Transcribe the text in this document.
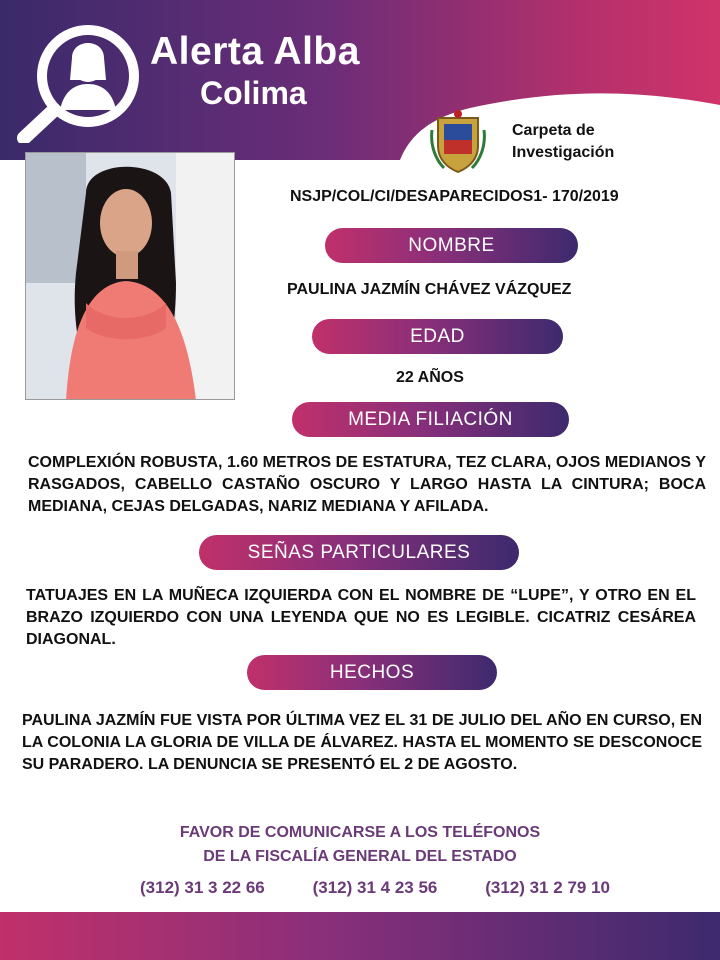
Alerta Alba
Colima
Carpeta de
Investigación
NSJP/COL/CI/DESAPARECIDOS1- 170/2019
NOMBRE
PAULINA JAZMÍN CHÁVEZ VÁZQUEZ
EDAD
22 AÑOS
MEDIA FILIACIÓN
COMPLEXIÓN ROBUSTA, 1.60 METROS DE ESTATURA, TEZ CLARA, OJOS MEDIANOS Y RASGADOS, CABELLO CASTAÑO OSCURO Y LARGO HASTA LA CINTURA; BOCA MEDIANA, CEJAS DELGADAS, NARIZ MEDIANA Y AFILADA.
SEÑAS PARTICULARES
TATUAJES EN LA MUÑECA IZQUIERDA CON EL NOMBRE DE “LUPE”, Y OTRO EN EL BRAZO IZQUIERDO CON UNA LEYENDA QUE NO ES LEGIBLE. CICATRIZ CESÁREA DIAGONAL.
HECHOS
PAULINA JAZMÍN FUE VISTA POR ÚLTIMA VEZ EL 31 DE JULIO DEL AÑO EN CURSO, EN LA COLONIA LA GLORIA DE VILLA DE ÁLVAREZ. HASTA EL MOMENTO SE DESCONOCE SU PARADERO. LA DENUNCIA SE PRESENTÓ EL 2 DE AGOSTO.
FAVOR DE COMUNICARSE A LOS TELÉFONOS
DE LA FISCALÍA GENERAL DEL ESTADO
(312) 31 3 22 66	(312) 31 4 23 56	(312) 31 2 79 10
